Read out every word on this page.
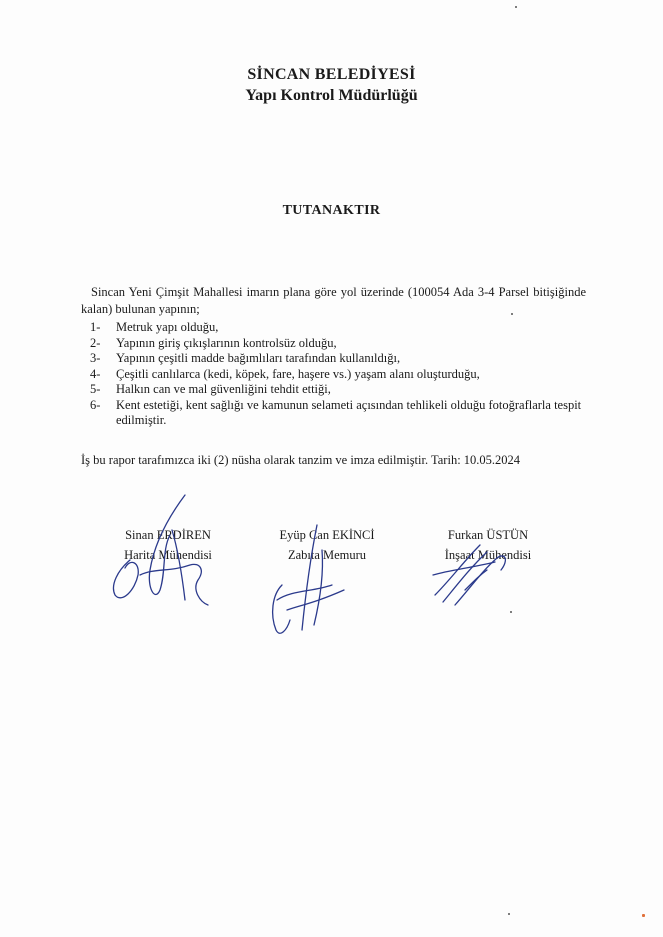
SİNCAN BELEDİYESİ
Yapı Kontrol Müdürlüğü
TUTANAKTIR
Sincan Yeni Çimşit Mahallesi imarın plana göre yol üzerinde (100054 Ada 3-4 Parsel bitişiğinde kalan) bulunan yapının;
1-	Metruk yapı olduğu,
2-	Yapının giriş çıkışlarının kontrolsüz olduğu,
3-	Yapının çeşitli madde bağımlıları tarafından kullanıldığı,
4-	Çeşitli canlılarca (kedi, köpek, fare, haşere vs.) yaşam alanı oluşturduğu,
5-	Halkın can ve mal güvenliğini tehdit ettiği,
6-	Kent estetiği, kent sağlığı ve kamunun selameti açısından tehlikeli olduğu fotoğraflarla tespit edilmiştir.
İş bu rapor tarafımızca iki (2) nüsha olarak tanzim ve imza edilmiştir. Tarih: 10.05.2024
Sinan ERDİREN
Harita Mühendisi
Eyüp Can EKİNCİ
Zabıta Memuru
Furkan ÜSTÜN
İnşaat Mühendisi
